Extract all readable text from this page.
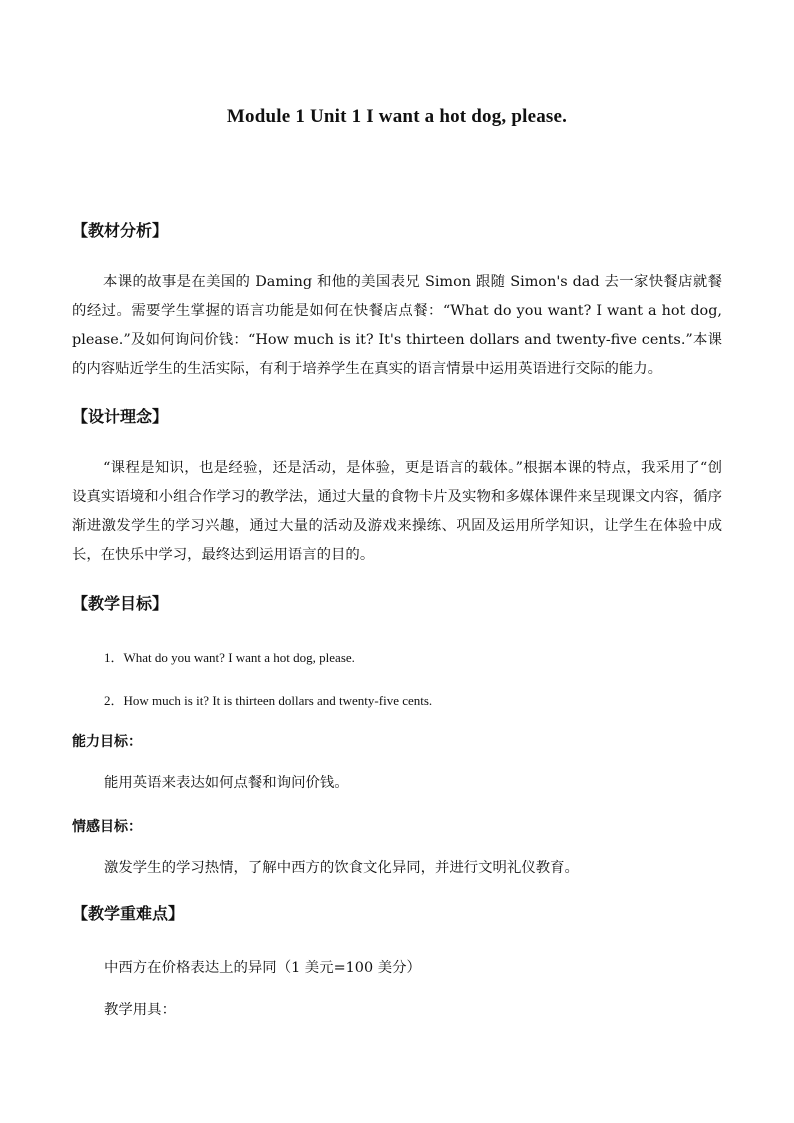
Module 1 Unit 1 I want a hot dog, please.
【教材分析】
本课的故事是在美国的 Daming 和他的美国表兄 Simon 跟随 Simon's dad 去一家快餐店就餐的经过。需要学生掌握的语言功能是如何在快餐店点餐：“What do you want? I want a hot dog, please.”及如何询问价钱：“How much is it? It's thirteen dollars and twenty-five cents.”本课的内容贴近学生的生活实际，有利于培养学生在真实的语言情景中运用英语进行交际的能力。
【设计理念】
“课程是知识，也是经验，还是活动，是体验，更是语言的载体。”根据本课的特点，我采用了“创设真实语境和小组合作学习的教学法，通过大量的食物卡片及实物和多媒体课件来呈现课文内容，循序渐进激发学生的学习兴趣，通过大量的活动及游戏来操练、巩固及运用所学知识，让学生在体验中成长，在快乐中学习，最终达到运用语言的目的。
【教学目标】
1．What do you want? I want a hot dog, please.
2．How much is it? It is thirteen dollars and twenty-five cents.
能力目标：
能用英语来表达如何点餐和询问价钱。
情感目标：
激发学生的学习热情，了解中西方的饮食文化异同，并进行文明礼仪教育。
【教学重难点】
中西方在价格表达上的异同（1 美元=100 美分）
教学用具：
